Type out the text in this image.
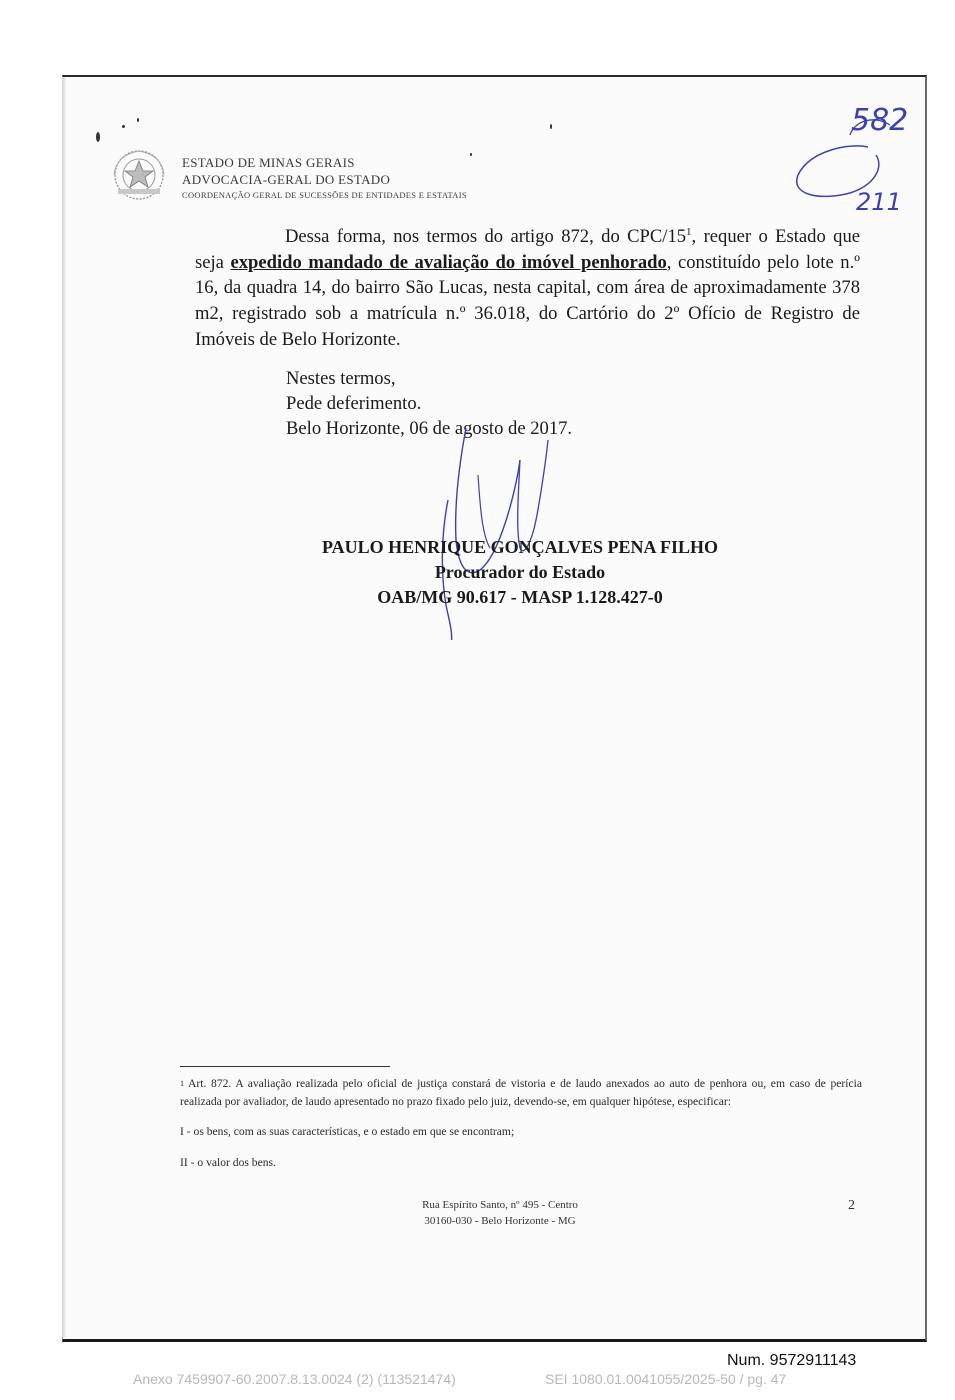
ESTADO DE MINAS GERAIS
ADVOCACIA-GERAL DO ESTADO
COORDENAÇÃO GERAL DE SUCESSÕES DE ENTIDADES E ESTATAIS
582
211

Dessa forma, nos termos do artigo 872, do CPC/$15^1$, requer o Estado que seja expedido mandado de avaliação do imóvel penhorado, constituído pelo lote n.º 16, da quadra 14, do bairro São Lucas, nesta capital, com área de aproximadamente 378 m2, registrado sob a matrícula n.º 36.018, do Cartório do 2º Ofício de Registro de Imóveis de Belo Horizonte.

Nestes termos,
Pede deferimento.
Belo Horizonte, 06 de agosto de 2017.
PAULO HENRIQUE GONÇALVES PENA FILHO
Procurador do Estado
OAB/MG 90.617 - MASP 1.128.427-0

$^1$ Art. 872. A avaliação realizada pelo oficial de justiça constará de vistoria e de laudo anexados ao auto de penhora ou, em caso de perícia realizada por avaliador, de laudo apresentado no prazo fixado pelo juiz, devendo-se, em qualquer hipótese, especificar:

I - os bens, com as suas características, e o estado em que se encontram;

II - o valor dos bens.

Rua Espírito Santo, nº 495 - Centro
30160-030 - Belo Horizonte - MG
2
Num. 9572911143
Anexo 7459907-60.2007.8.13.0024 (2) (113521474)	SEI 1080.01.0041055/2025-50 / pg. 47
